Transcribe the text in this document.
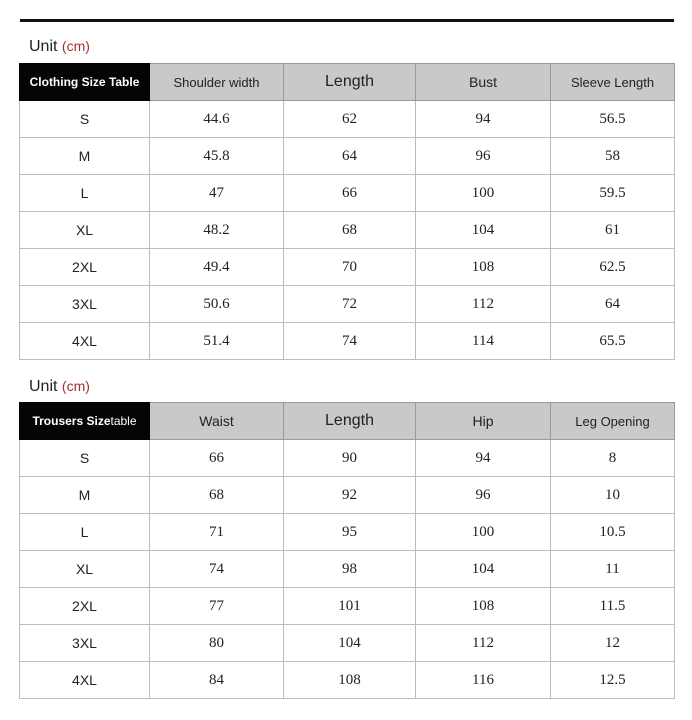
Unit (cm)
Clothing Size Table	Shoulder width	Length	Bust	Sleeve Length
S	44.6	62	94	56.5
M	45.8	64	96	58
L	47	66	100	59.5
XL	48.2	68	104	61
2XL	49.4	70	108	62.5
3XL	50.6	72	112	64
4XL	51.4	74	114	65.5
Unit (cm)
Trousers Sizetable	Waist	Length	Hip	Leg Opening
S	66	90	94	8
M	68	92	96	10
L	71	95	100	10.5
XL	74	98	104	11
2XL	77	101	108	11.5
3XL	80	104	112	12
4XL	84	108	116	12.5
